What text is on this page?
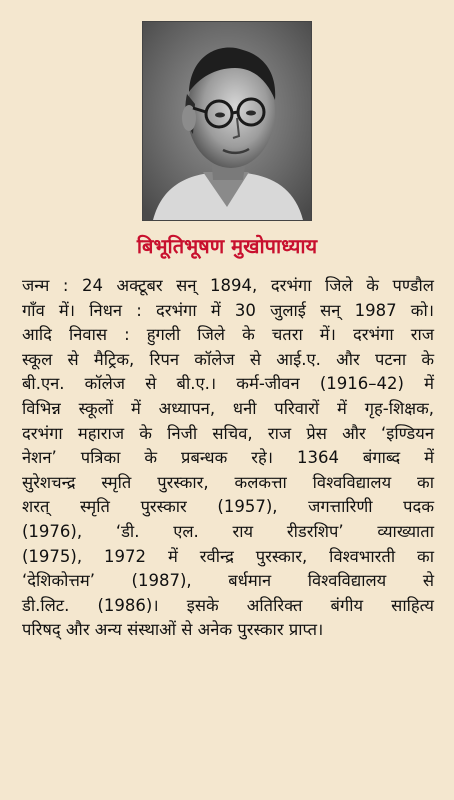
बिभूतिभूषण मुखोपाध्याय
जन्म : 24 अक्टूबर सन् 1894, दरभंगा जिले के पण्डौल
गाँव में। निधन : दरभंगा में 30 जुलाई सन् 1987 को।
आदि निवास : हुगली जिले के चतरा में। दरभंगा राज
स्कूल से मैट्रिक, रिपन कॉलेज से आई.ए. और पटना के
बी.एन. कॉलेज से बी.ए.। कर्म-जीवन (1916–42) में
विभिन्न स्कूलों में अध्यापन, धनी परिवारों में गृह-शिक्षक,
दरभंगा महाराज के निजी सचिव, राज प्रेस और ‘इण्डियन
नेशन’ पत्रिका के प्रबन्धक रहे। 1364 बंगाब्द में
सुरेशचन्द्र स्मृति पुरस्कार, कलकत्ता विश्वविद्यालय का
शरत् स्मृति पुरस्कार (1957), जगत्तारिणी पदक
(1976), ‘डी. एल. राय रीडरशिप’ व्याख्याता
(1975), 1972 में रवीन्द्र पुरस्कार, विश्वभारती का
‘देशिकोत्तम’ (1987), बर्धमान विश्वविद्यालय से
डी.लिट. (1986)। इसके अतिरिक्त बंगीय साहित्य
परिषद् और अन्य संस्थाओं से अनेक पुरस्कार प्राप्त।
